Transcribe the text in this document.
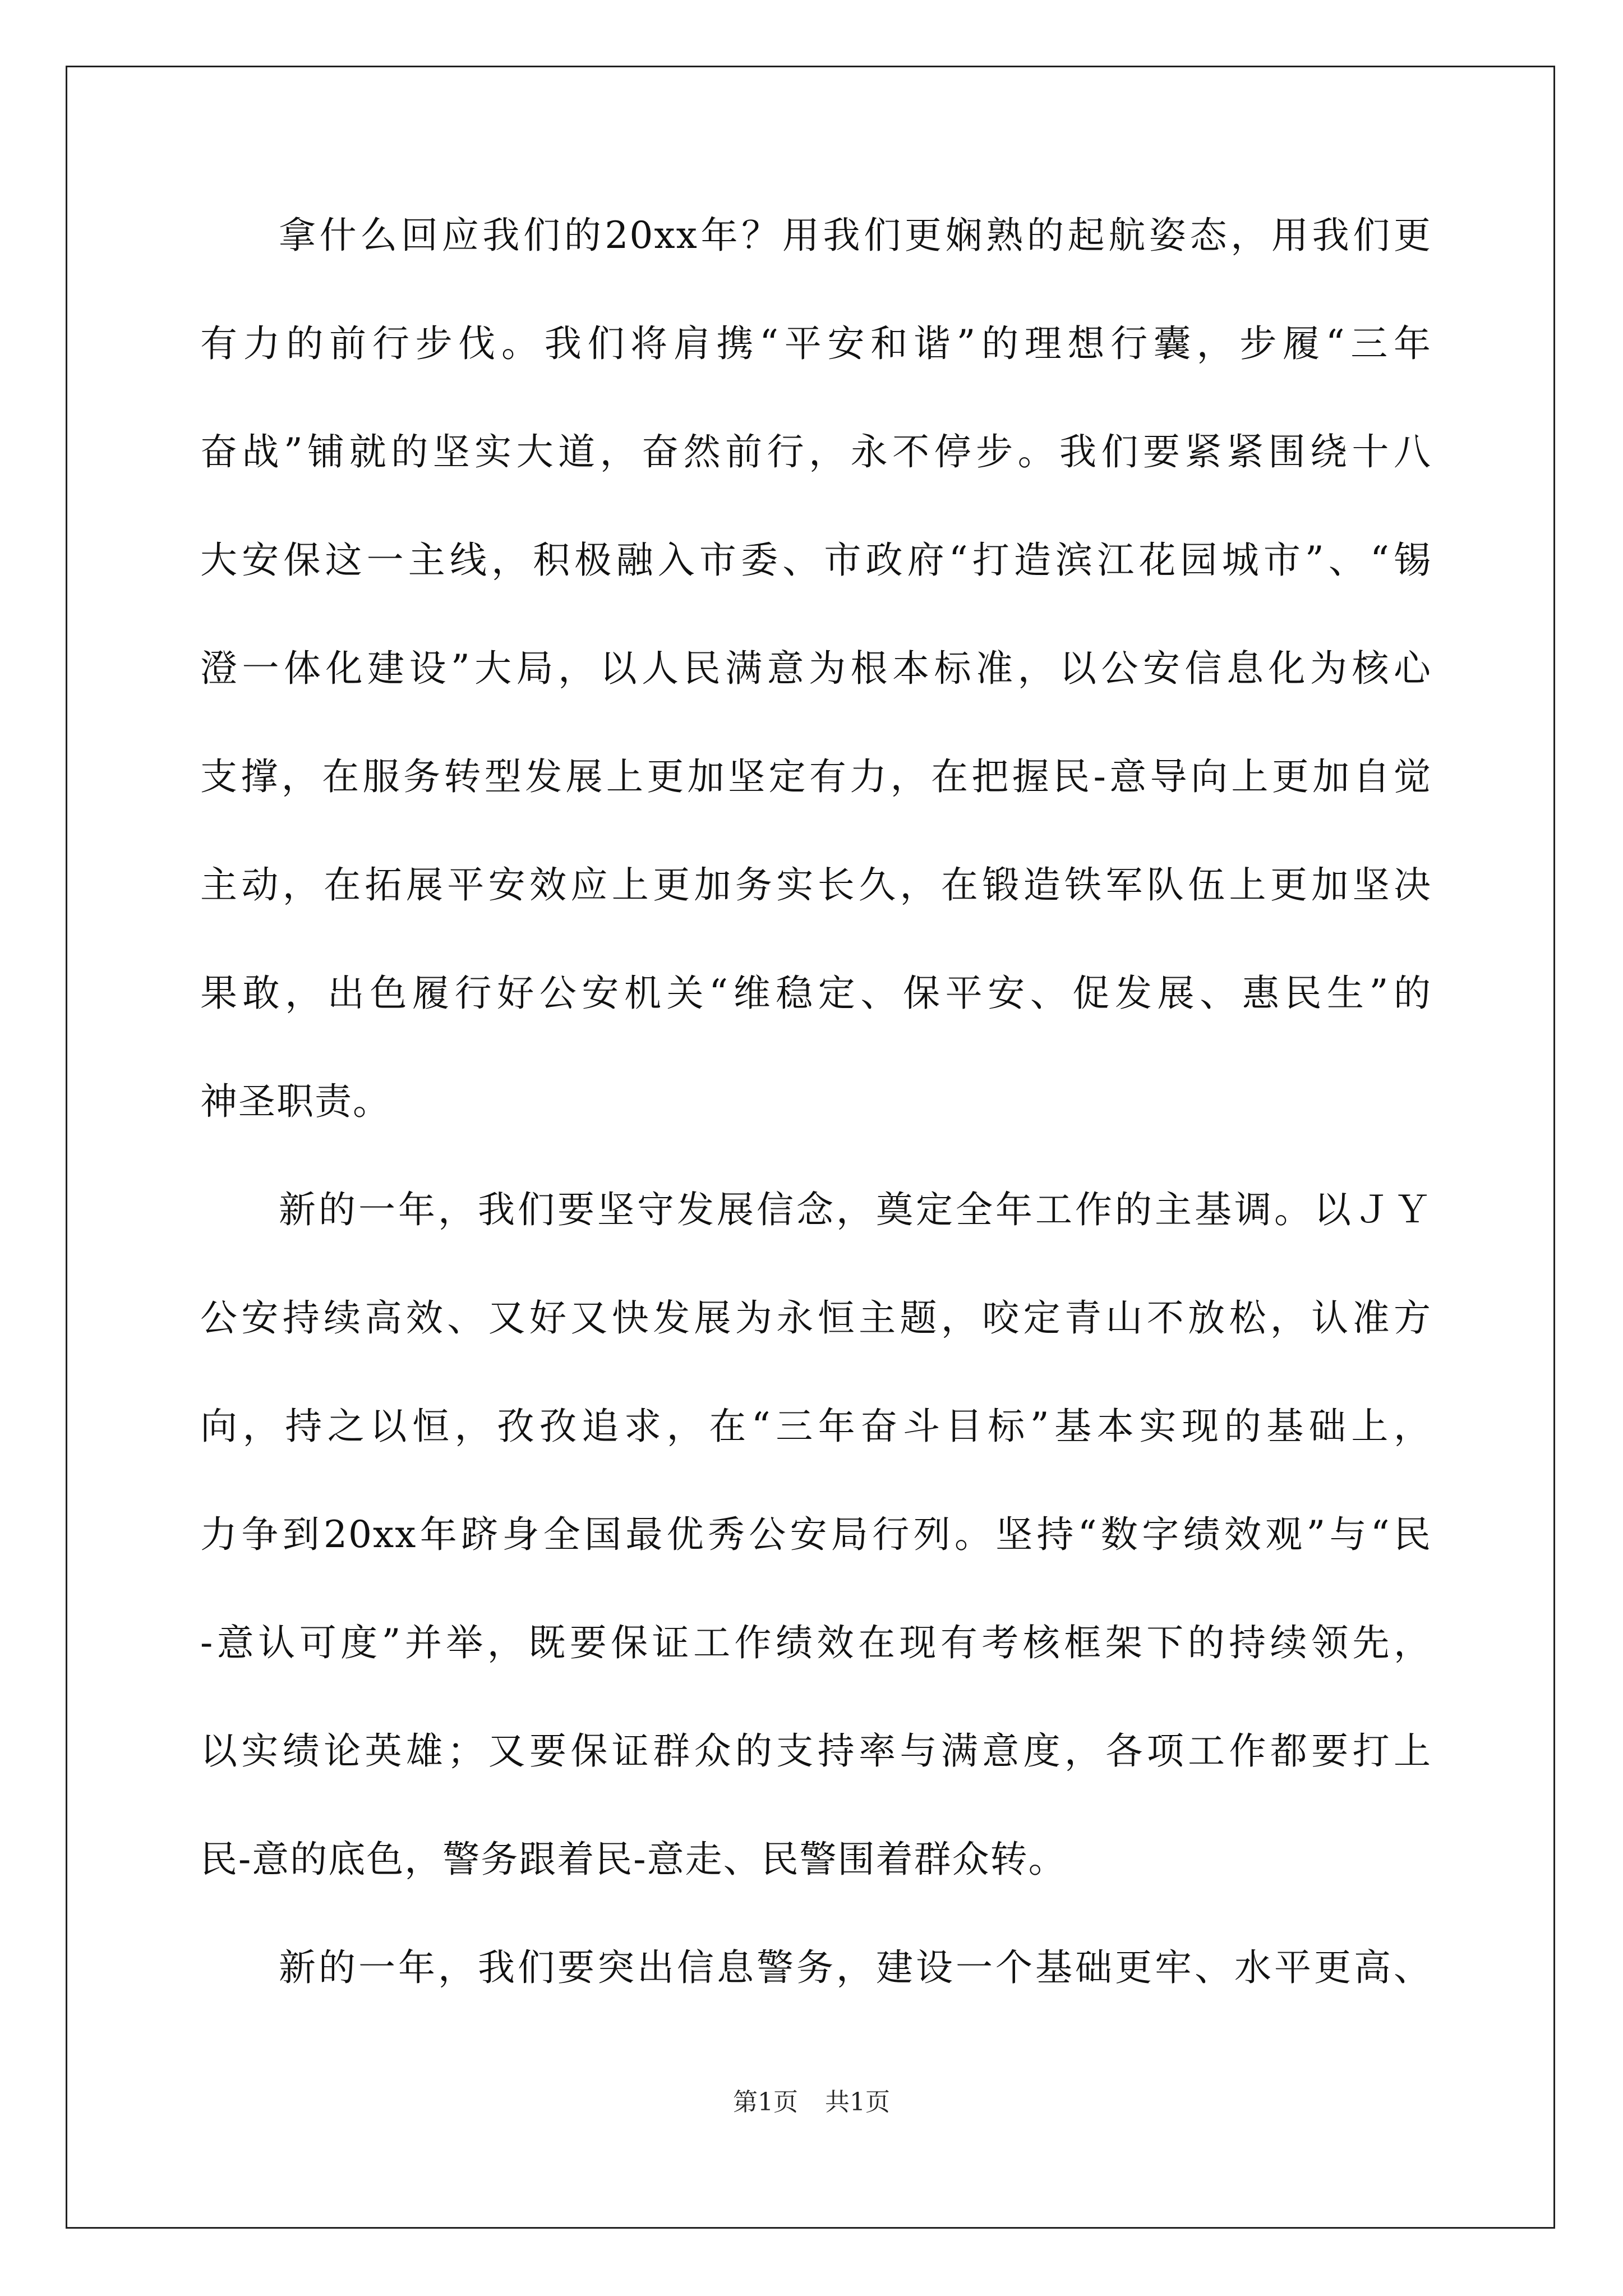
拿什么回应我们的20xx年？用我们更娴熟的起航姿态，用我们更
有力的前行步伐。我们将肩携“平安和谐”的理想行囊，步履“三年
奋战”铺就的坚实大道，奋然前行，永不停步。我们要紧紧围绕十八
大安保这一主线，积极融入市委、市政府“打造滨江花园城市”、“锡
澄一体化建设”大局，以人民满意为根本标准，以公安信息化为核心
支撑，在服务转型发展上更加坚定有力，在把握民-意导向上更加自觉
主动，在拓展平安效应上更加务实长久，在锻造铁军队伍上更加坚决
果敢，出色履行好公安机关“维稳定、保平安、促发展、惠民生”的
神圣职责。
新的一年，我们要坚守发展信念，奠定全年工作的主基调。以ＪＹ
公安持续高效、又好又快发展为永恒主题，咬定青山不放松，认准方
向，持之以恒，孜孜追求，在“三年奋斗目标”基本实现的基础上，
力争到20xx年跻身全国最优秀公安局行列。坚持“数字绩效观”与“民
-意认可度”并举，既要保证工作绩效在现有考核框架下的持续领先，
以实绩论英雄；又要保证群众的支持率与满意度，各项工作都要打上
民-意的底色，警务跟着民-意走、民警围着群众转。
新的一年，我们要突出信息警务，建设一个基础更牢、水平更高、
第1页 共1页
